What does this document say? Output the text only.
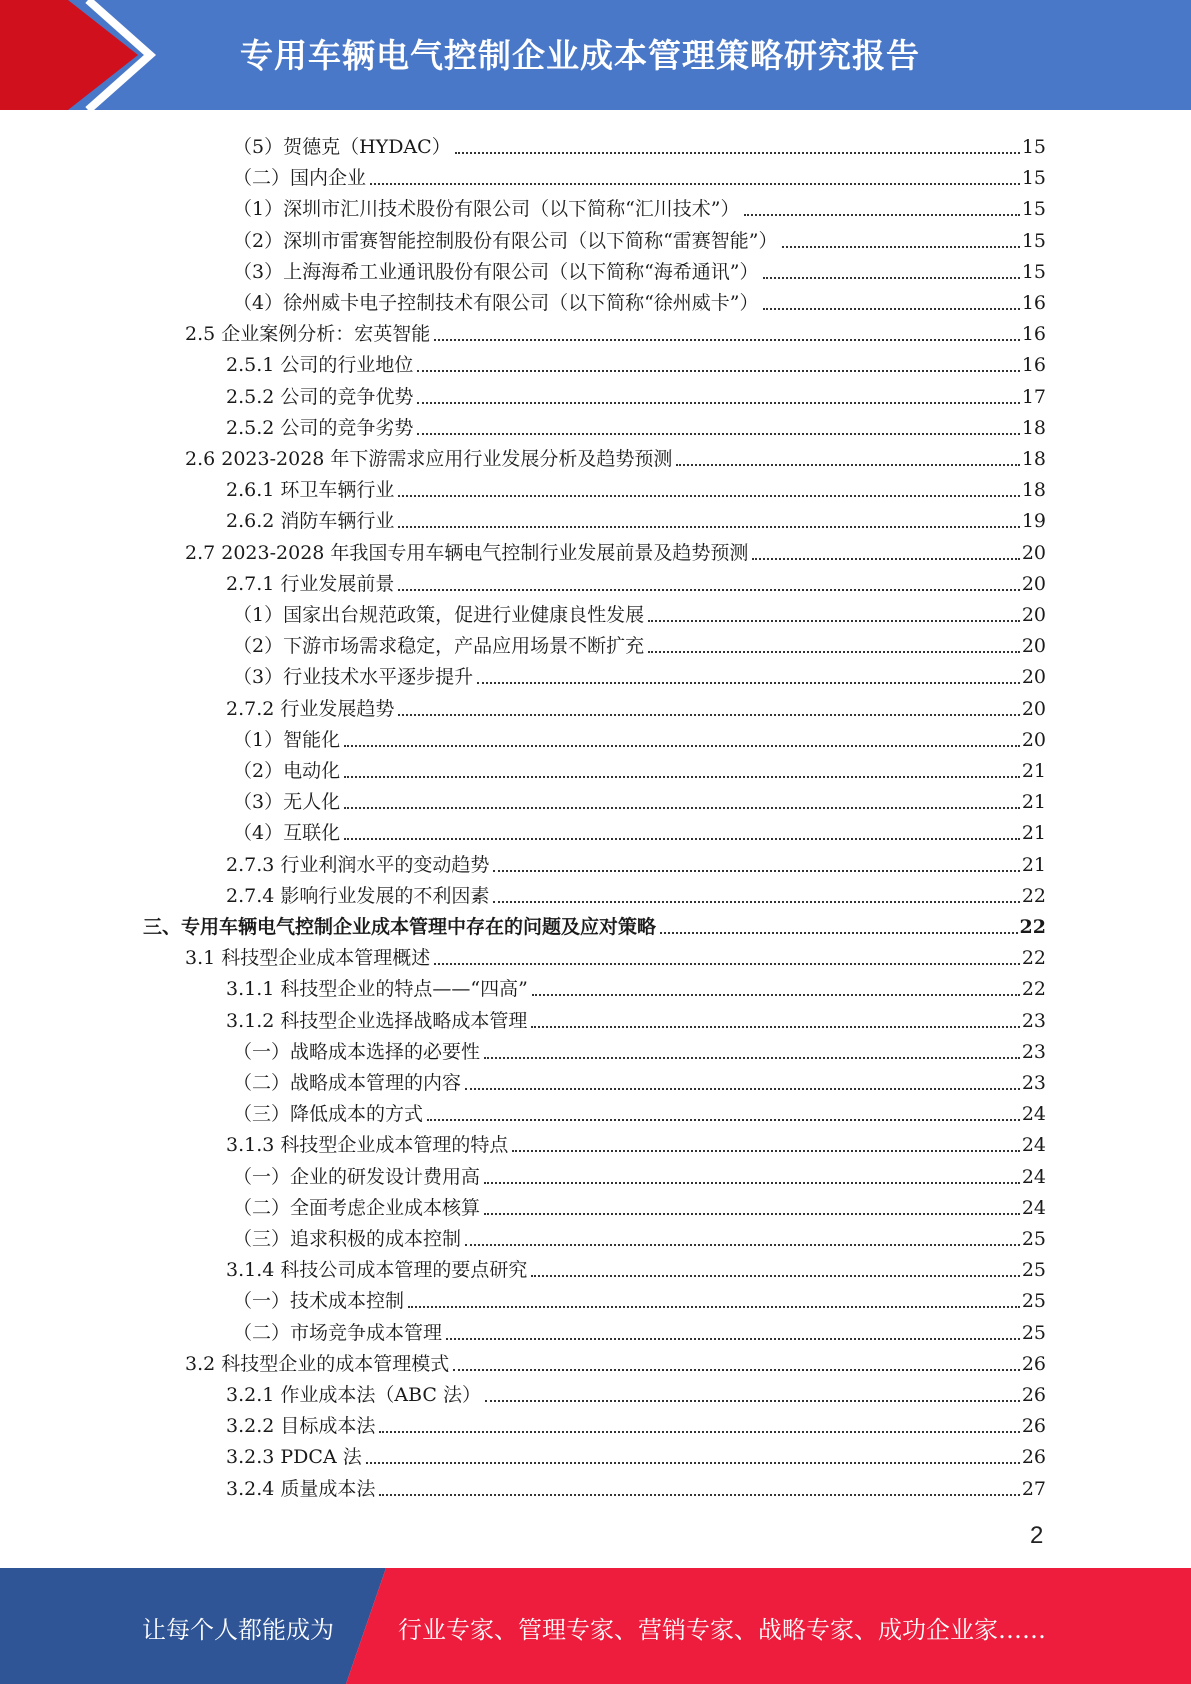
专用车辆电气控制企业成本管理策略研究报告
（5）贺德克（HYDAC）	15
（二）国内企业	15
（1）深圳市汇川技术股份有限公司（以下简称“汇川技术”）	15
（2）深圳市雷赛智能控制股份有限公司（以下简称“雷赛智能”）	15
（3）上海海希工业通讯股份有限公司（以下简称“海希通讯”）	15
（4）徐州威卡电子控制技术有限公司（以下简称“徐州威卡”）	16
2.5 企业案例分析：宏英智能	16
2.5.1 公司的行业地位	16
2.5.2 公司的竞争优势	17
2.5.2 公司的竞争劣势	18
2.6 2023-2028 年下游需求应用行业发展分析及趋势预测	18
2.6.1 环卫车辆行业	18
2.6.2 消防车辆行业	19
2.7 2023-2028 年我国专用车辆电气控制行业发展前景及趋势预测	20
2.7.1 行业发展前景	20
（1）国家出台规范政策，促进行业健康良性发展	20
（2）下游市场需求稳定，产品应用场景不断扩充	20
（3）行业技术水平逐步提升	20
2.7.2 行业发展趋势	20
（1）智能化	20
（2）电动化	21
（3）无人化	21
（4）互联化	21
2.7.3 行业利润水平的变动趋势	21
2.7.4 影响行业发展的不利因素	22
三、专用车辆电气控制企业成本管理中存在的问题及应对策略	22
3.1 科技型企业成本管理概述	22
3.1.1 科技型企业的特点——“四高”	22
3.1.2 科技型企业选择战略成本管理	23
（一）战略成本选择的必要性	23
（二）战略成本管理的内容	23
（三）降低成本的方式	24
3.1.3 科技型企业成本管理的特点	24
（一）企业的研发设计费用高	24
（二）全面考虑企业成本核算	24
（三）追求积极的成本控制	25
3.1.4 科技公司成本管理的要点研究	25
（一）技术成本控制	25
（二）市场竞争成本管理	25
3.2 科技型企业的成本管理模式	26
3.2.1 作业成本法（ABC 法）	26
3.2.2 目标成本法	26
3.2.3 PDCA 法	26
3.2.4 质量成本法	27
2
让每个人都能成为	行业专家、管理专家、营销专家、战略专家、成功企业家……
